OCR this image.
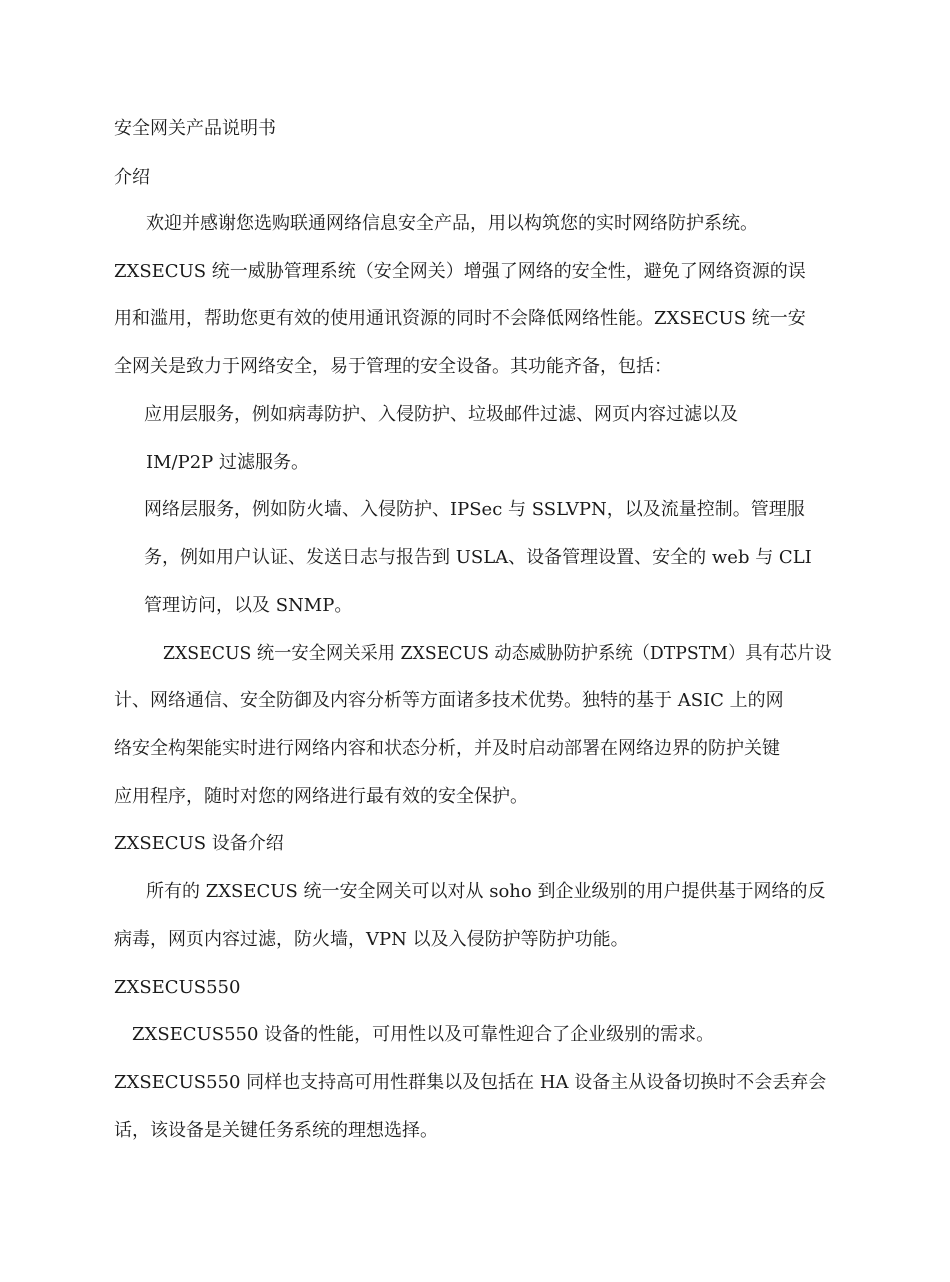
安全网关产品说明书
介绍
欢迎并感谢您选购联通网络信息安全产品，用以构筑您的实时网络防护系统。
ZXSECUS 统一威胁管理系统（安全网关）增强了网络的安全性，避免了网络资源的误
用和滥用，帮助您更有效的使用通讯资源的同时不会降低网络性能。ZXSECUS 统一安
全网关是致力于网络安全，易于管理的安全设备。其功能齐备，包括：
应用层服务，例如病毒防护、入侵防护、垃圾邮件过滤、网页内容过滤以及
IM/P2P 过滤服务。
网络层服务，例如防火墙、入侵防护、IPSec 与 SSLVPN，以及流量控制。管理服
务，例如用户认证、发送日志与报告到 USLA、设备管理设置、安全的 web 与 CLI
管理访问，以及 SNMP。
ZXSECUS 统一安全网关采用 ZXSECUS 动态威胁防护系统（DTPSTM）具有芯片设
计、网络通信、安全防御及内容分析等方面诸多技术优势。独特的基于 ASIC 上的网
络安全构架能实时进行网络内容和状态分析，并及时启动部署在网络边界的防护关键
应用程序，随时对您的网络进行最有效的安全保护。
ZXSECUS 设备介绍
所有的 ZXSECUS 统一安全网关可以对从 soho 到企业级别的用户提供基于网络的反
病毒，网页内容过滤，防火墙，VPN 以及入侵防护等防护功能。
ZXSECUS550
ZXSECUS550 设备的性能，可用性以及可靠性迎合了企业级别的需求。
ZXSECUS550 同样也支持高可用性群集以及包括在 HA 设备主从设备切换时不会丢弃会
话，该设备是关键任务系统的理想选择。
